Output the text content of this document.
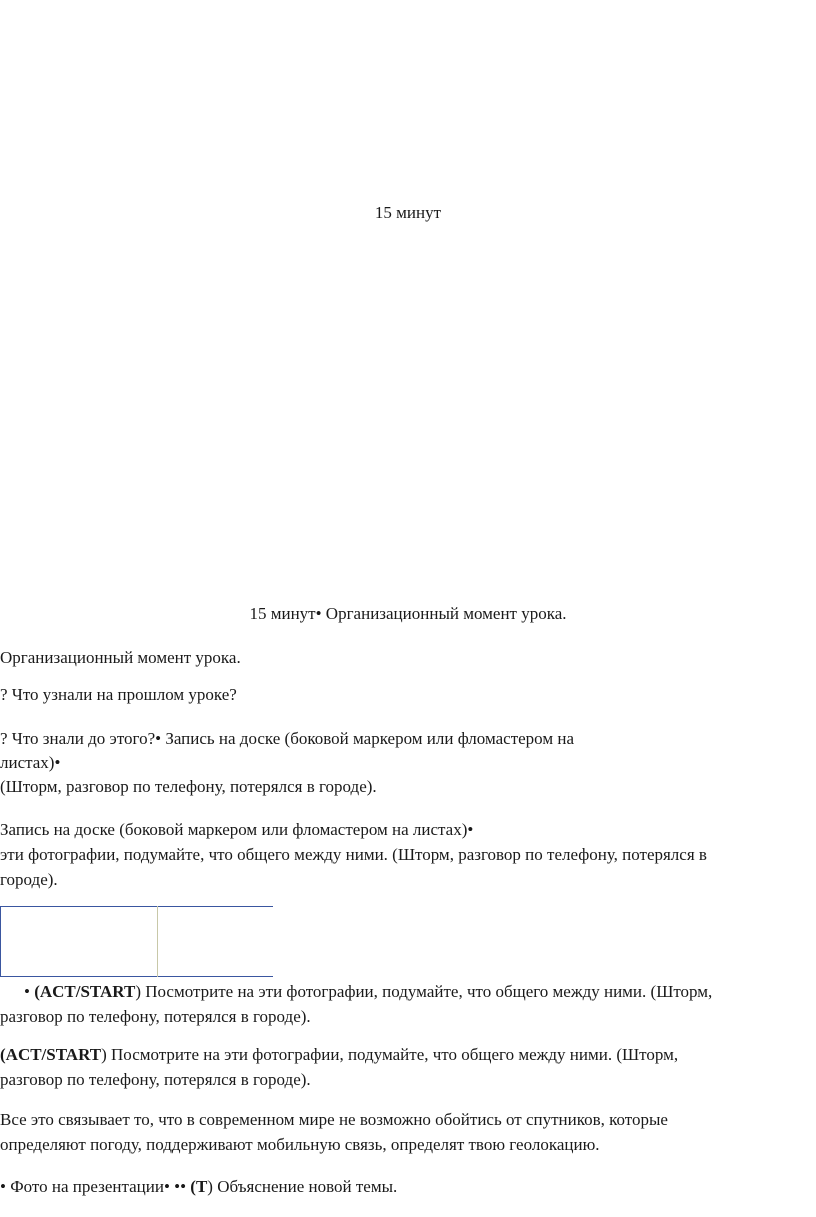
15 минут
15 минут• Организационный момент урока.
Организационный момент урока.
? Что узнали на прошлом уроке?
? Что знали до этого?• Запись на доске (боковой маркером или фломастером на
листах)•
(Шторм, разговор по телефону, потерялся в городе).
Запись на доске (боковой маркером или фломастером на листах)•
эти фотографии, подумайте, что общего между ними. (Шторм, разговор по телефону, потерялся в
городе).
• (ACT/START) Посмотрите на эти фотографии, подумайте, что общего между ними. (Шторм,
разговор по телефону, потерялся в городе).
(ACT/START) Посмотрите на эти фотографии, подумайте, что общего между ними. (Шторм,
разговор по телефону, потерялся в городе).
Все это связывает то, что в современном мире не возможно обойтись от спутников, которые
определяют погоду, поддерживают мобильную связь, определят твою геолокацию.
• Фото на презентации• •• (Т) Объяснение новой темы.
